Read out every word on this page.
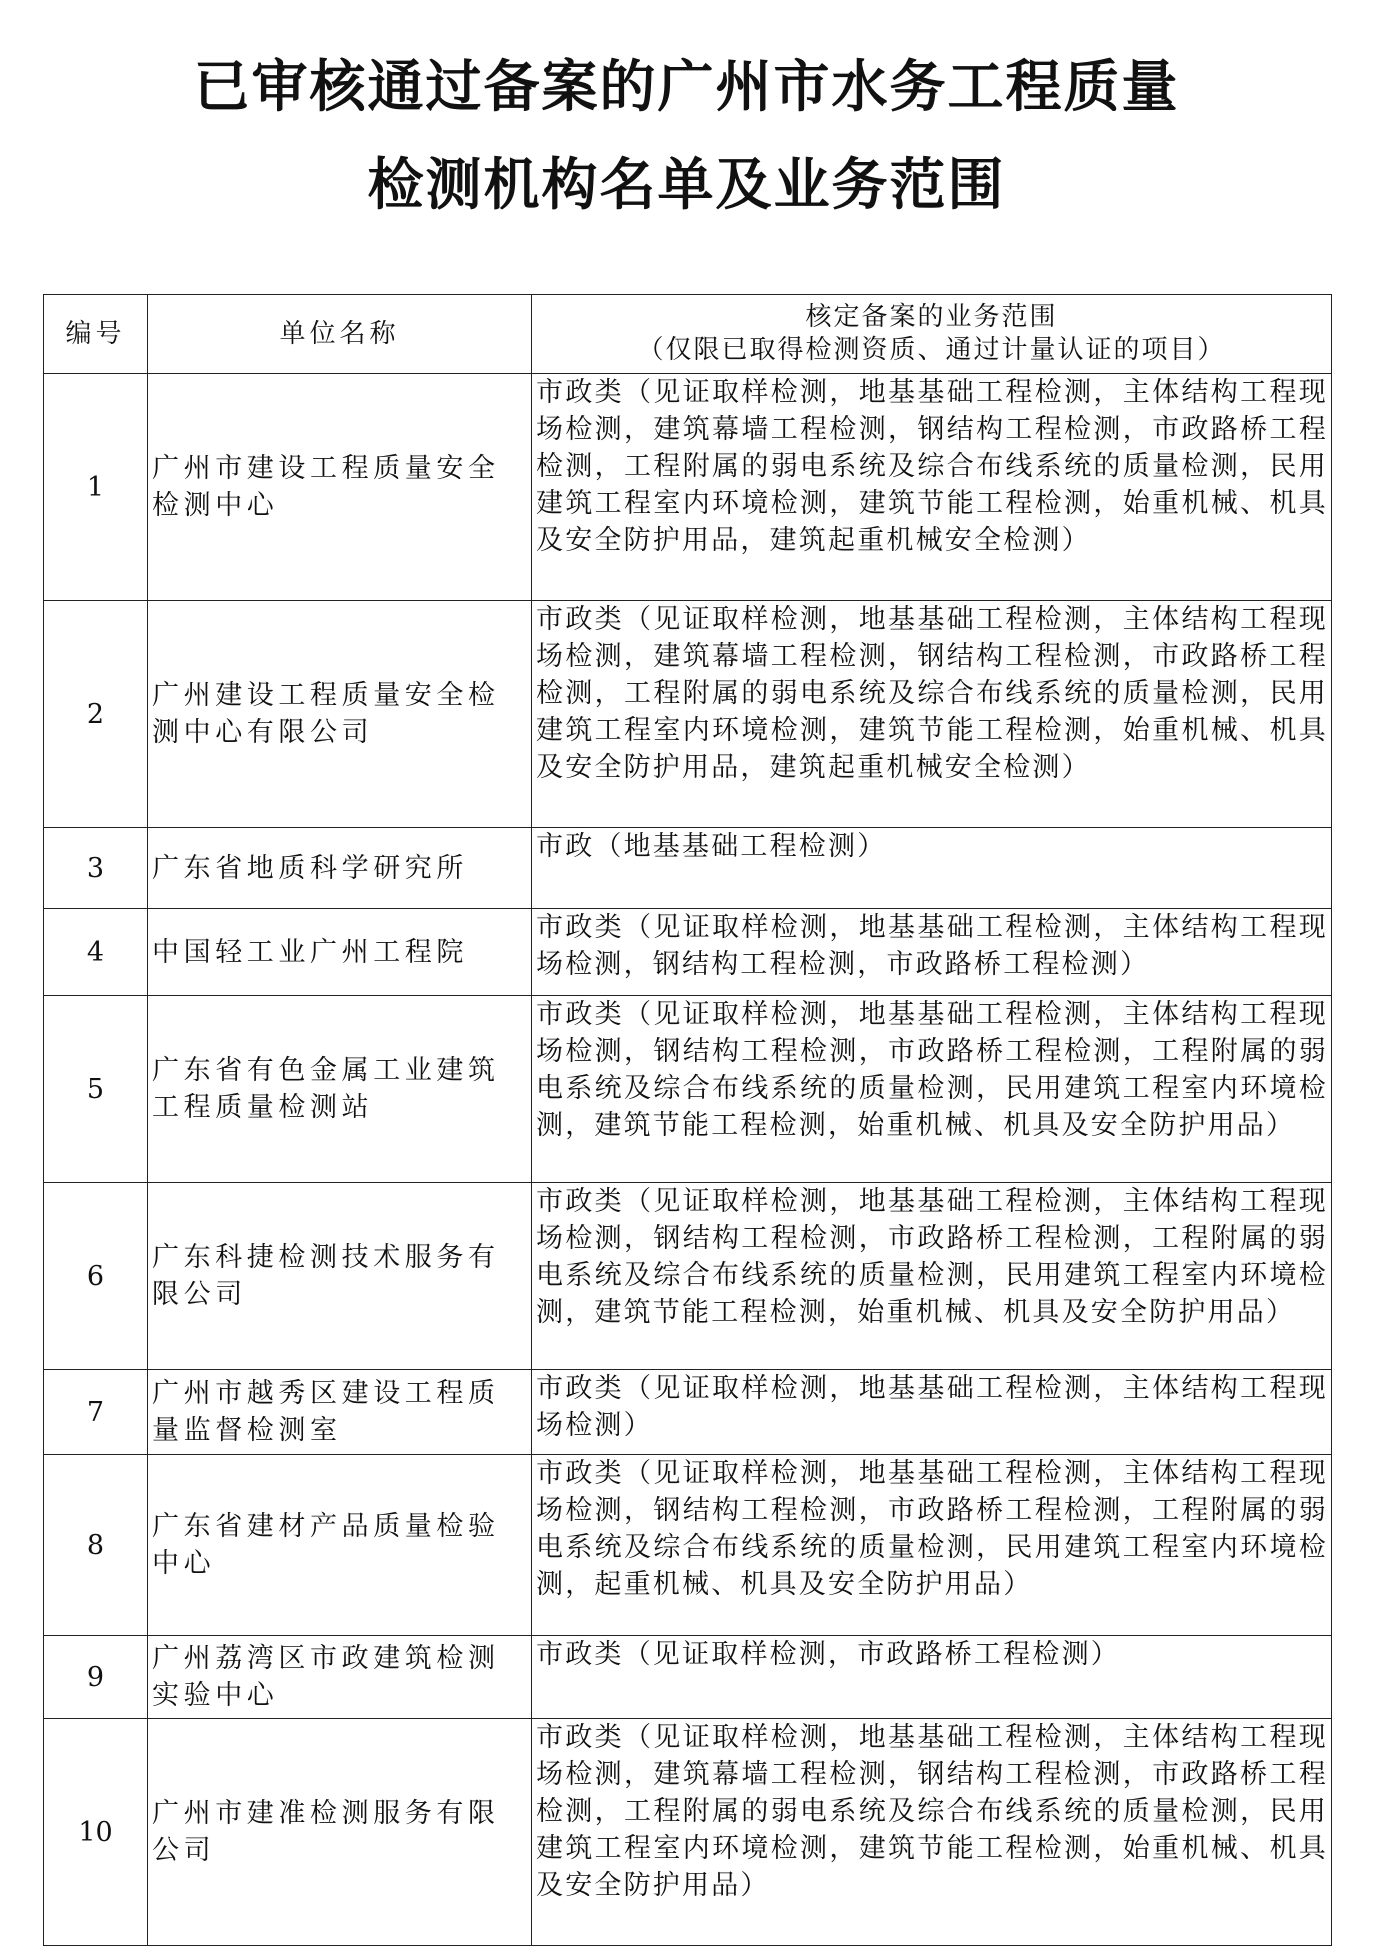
已审核通过备案的广州市水务工程质量
检测机构名单及业务范围
编号	单位名称	核定备案的业务范围
（仅限已取得检测资质、通过计量认证的项目）

1	广州市建设工程质量安全检测中心	市政类（见证取样检测，地基基础工程检测，主体结构工程现场检测，建筑幕墙工程检测，钢结构工程检测，市政路桥工程检测，工程附属的弱电系统及综合布线系统的质量检测，民用建筑工程室内环境检测，建筑节能工程检测，始重机械、机具及安全防护用品，建筑起重机械安全检测）
2	广州建设工程质量安全检测中心有限公司	市政类（见证取样检测，地基基础工程检测，主体结构工程现场检测，建筑幕墙工程检测，钢结构工程检测，市政路桥工程检测，工程附属的弱电系统及综合布线系统的质量检测，民用建筑工程室内环境检测，建筑节能工程检测，始重机械、机具及安全防护用品，建筑起重机械安全检测）
3	广东省地质科学研究所	市政（地基基础工程检测）
4	中国轻工业广州工程院	市政类（见证取样检测，地基基础工程检测，主体结构工程现场检测，钢结构工程检测，市政路桥工程检测）
5	广东省有色金属工业建筑工程质量检测站	市政类（见证取样检测，地基基础工程检测，主体结构工程现场检测，钢结构工程检测，市政路桥工程检测，工程附属的弱电系统及综合布线系统的质量检测，民用建筑工程室内环境检测，建筑节能工程检测，始重机械、机具及安全防护用品）
6	广东科捷检测技术服务有限公司	市政类（见证取样检测，地基基础工程检测，主体结构工程现场检测，钢结构工程检测，市政路桥工程检测，工程附属的弱电系统及综合布线系统的质量检测，民用建筑工程室内环境检测，建筑节能工程检测，始重机械、机具及安全防护用品）
7	广州市越秀区建设工程质量监督检测室	市政类（见证取样检测，地基基础工程检测，主体结构工程现场检测）
8	广东省建材产品质量检验中心	市政类（见证取样检测，地基基础工程检测，主体结构工程现场检测，钢结构工程检测，市政路桥工程检测，工程附属的弱电系统及综合布线系统的质量检测，民用建筑工程室内环境检测，起重机械、机具及安全防护用品）
9	广州荔湾区市政建筑检测实验中心	市政类（见证取样检测，市政路桥工程检测）
10	广州市建准检测服务有限公司	市政类（见证取样检测，地基基础工程检测，主体结构工程现场检测，建筑幕墙工程检测，钢结构工程检测，市政路桥工程检测，工程附属的弱电系统及综合布线系统的质量检测，民用建筑工程室内环境检测，建筑节能工程检测，始重机械、机具及安全防护用品）
